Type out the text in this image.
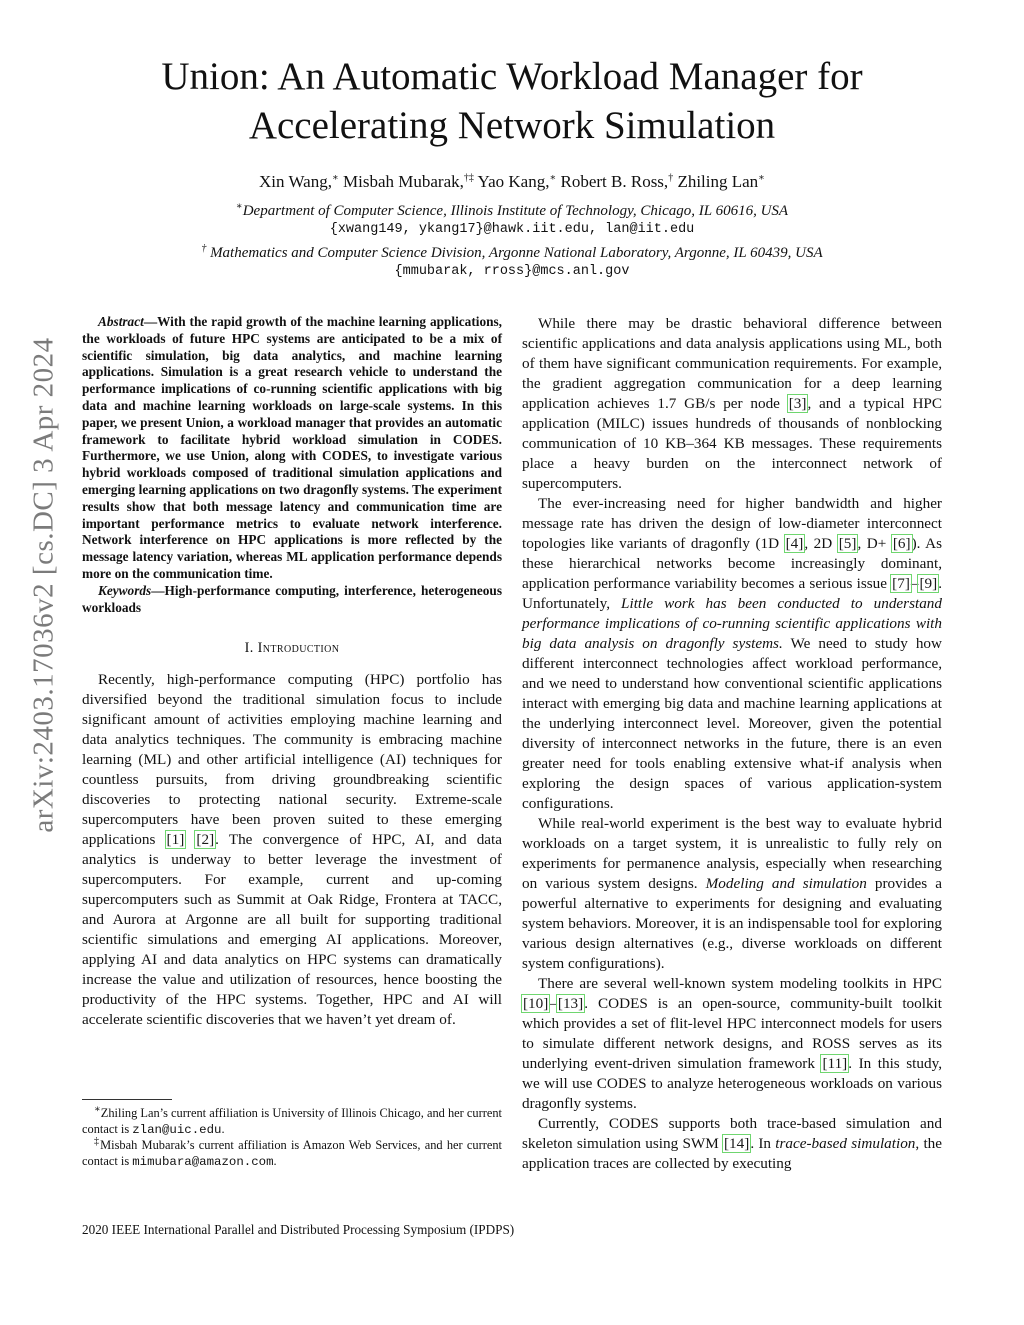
arXiv:2403.17036v2 [cs.DC] 3 Apr 2024
Union: An Automatic Workload Manager for
Accelerating Network Simulation
Xin Wang,∗ Misbah Mubarak,†‡ Yao Kang,∗ Robert B. Ross,† Zhiling Lan∗
∗Department of Computer Science, Illinois Institute of Technology, Chicago, IL 60616, USA
{xwang149, ykang17}@hawk.iit.edu, lan@iit.edu
† Mathematics and Computer Science Division, Argonne National Laboratory, Argonne, IL 60439, USA
{mmubarak, rross}@mcs.anl.gov

Abstract—With the rapid growth of the machine learning applications, the workloads of future HPC systems are anticipated to be a mix of scientific simulation, big data analytics, and machine learning applications. Simulation is a great research vehicle to understand the performance implications of co-running scientific applications with big data and machine learning workloads on large-scale systems. In this paper, we present Union, a workload manager that provides an automatic framework to facilitate hybrid workload simulation in CODES. Furthermore, we use Union, along with CODES, to investigate various hybrid workloads composed of traditional simulation applications and emerging learning applications on two dragonfly systems. The experiment results show that both message latency and communication time are important performance metrics to evaluate network interference. Network interference on HPC applications is more reflected by the message latency variation, whereas ML application performance depends more on the communication time.

Keywords—High-performance computing, interference, heterogeneous workloads

I. Introduction

Recently, high-performance computing (HPC) portfolio has diversified beyond the traditional simulation focus to include significant amount of activities employing machine learning and data analytics techniques. The community is embracing machine learning (ML) and other artificial intelligence (AI) techniques for countless pursuits, from driving groundbreaking scientific discoveries to protecting national security. Extreme-scale supercomputers have been proven suited to these emerging applications [1] [2]. The convergence of HPC, AI, and data analytics is underway to better leverage the investment of supercomputers. For example, current and up-coming supercomputers such as Summit at Oak Ridge, Frontera at TACC, and Aurora at Argonne are all built for supporting traditional scientific simulations and emerging AI applications. Moreover, applying AI and data analytics on HPC systems can dramatically increase the value and utilization of resources, hence boosting the productivity of the HPC systems. Together, HPC and AI will accelerate scientific discoveries that we haven’t yet dream of.

∗Zhiling Lan’s current affiliation is University of Illinois Chicago, and her current contact is zlan@uic.edu.

‡Misbah Mubarak’s current affiliation is Amazon Web Services, and her current contact is mimubara@amazon.com.

While there may be drastic behavioral difference between scientific applications and data analysis applications using ML, both of them have significant communication requirements. For example, the gradient aggregation communication for a deep learning application achieves 1.7 GB/s per node [3], and a typical HPC application (MILC) issues hundreds of thousands of nonblocking communication of 10 KB–364 KB messages. These requirements place a heavy burden on the interconnect network of supercomputers.

The ever-increasing need for higher bandwidth and higher message rate has driven the design of low-diameter interconnect topologies like variants of dragonfly (1D [4], 2D [5], D+ [6]). As these hierarchical networks become increasingly dominant, application performance variability becomes a serious issue [7]–[9]. Unfortunately, Little work has been conducted to understand performance implications of co-running scientific applications with big data analysis on dragonfly systems. We need to study how different interconnect technologies affect workload performance, and we need to understand how conventional scientific applications interact with emerging big data and machine learning applications at the underlying interconnect level. Moreover, given the potential diversity of interconnect networks in the future, there is an even greater need for tools enabling extensive what-if analysis when exploring the design spaces of various application-system configurations.

While real-world experiment is the best way to evaluate hybrid workloads on a target system, it is unrealistic to fully rely on experiments for permanence analysis, especially when researching on various system designs. Modeling and simulation provides a powerful alternative to experiments for designing and evaluating system behaviors. Moreover, it is an indispensable tool for exploring various design alternatives (e.g., diverse workloads on different system configurations).

There are several well-known system modeling toolkits in HPC [10]–[13]. CODES is an open-source, community-built toolkit which provides a set of flit-level HPC interconnect models for users to simulate different network designs, and ROSS serves as its underlying event-driven simulation framework [11]. In this study, we will use CODES to analyze heterogeneous workloads on various dragonfly systems.

Currently, CODES supports both trace-based simulation and skeleton simulation using SWM [14]. In trace-based simulation, the application traces are collected by executing

2020 IEEE International Parallel and Distributed Processing Symposium (IPDPS)
